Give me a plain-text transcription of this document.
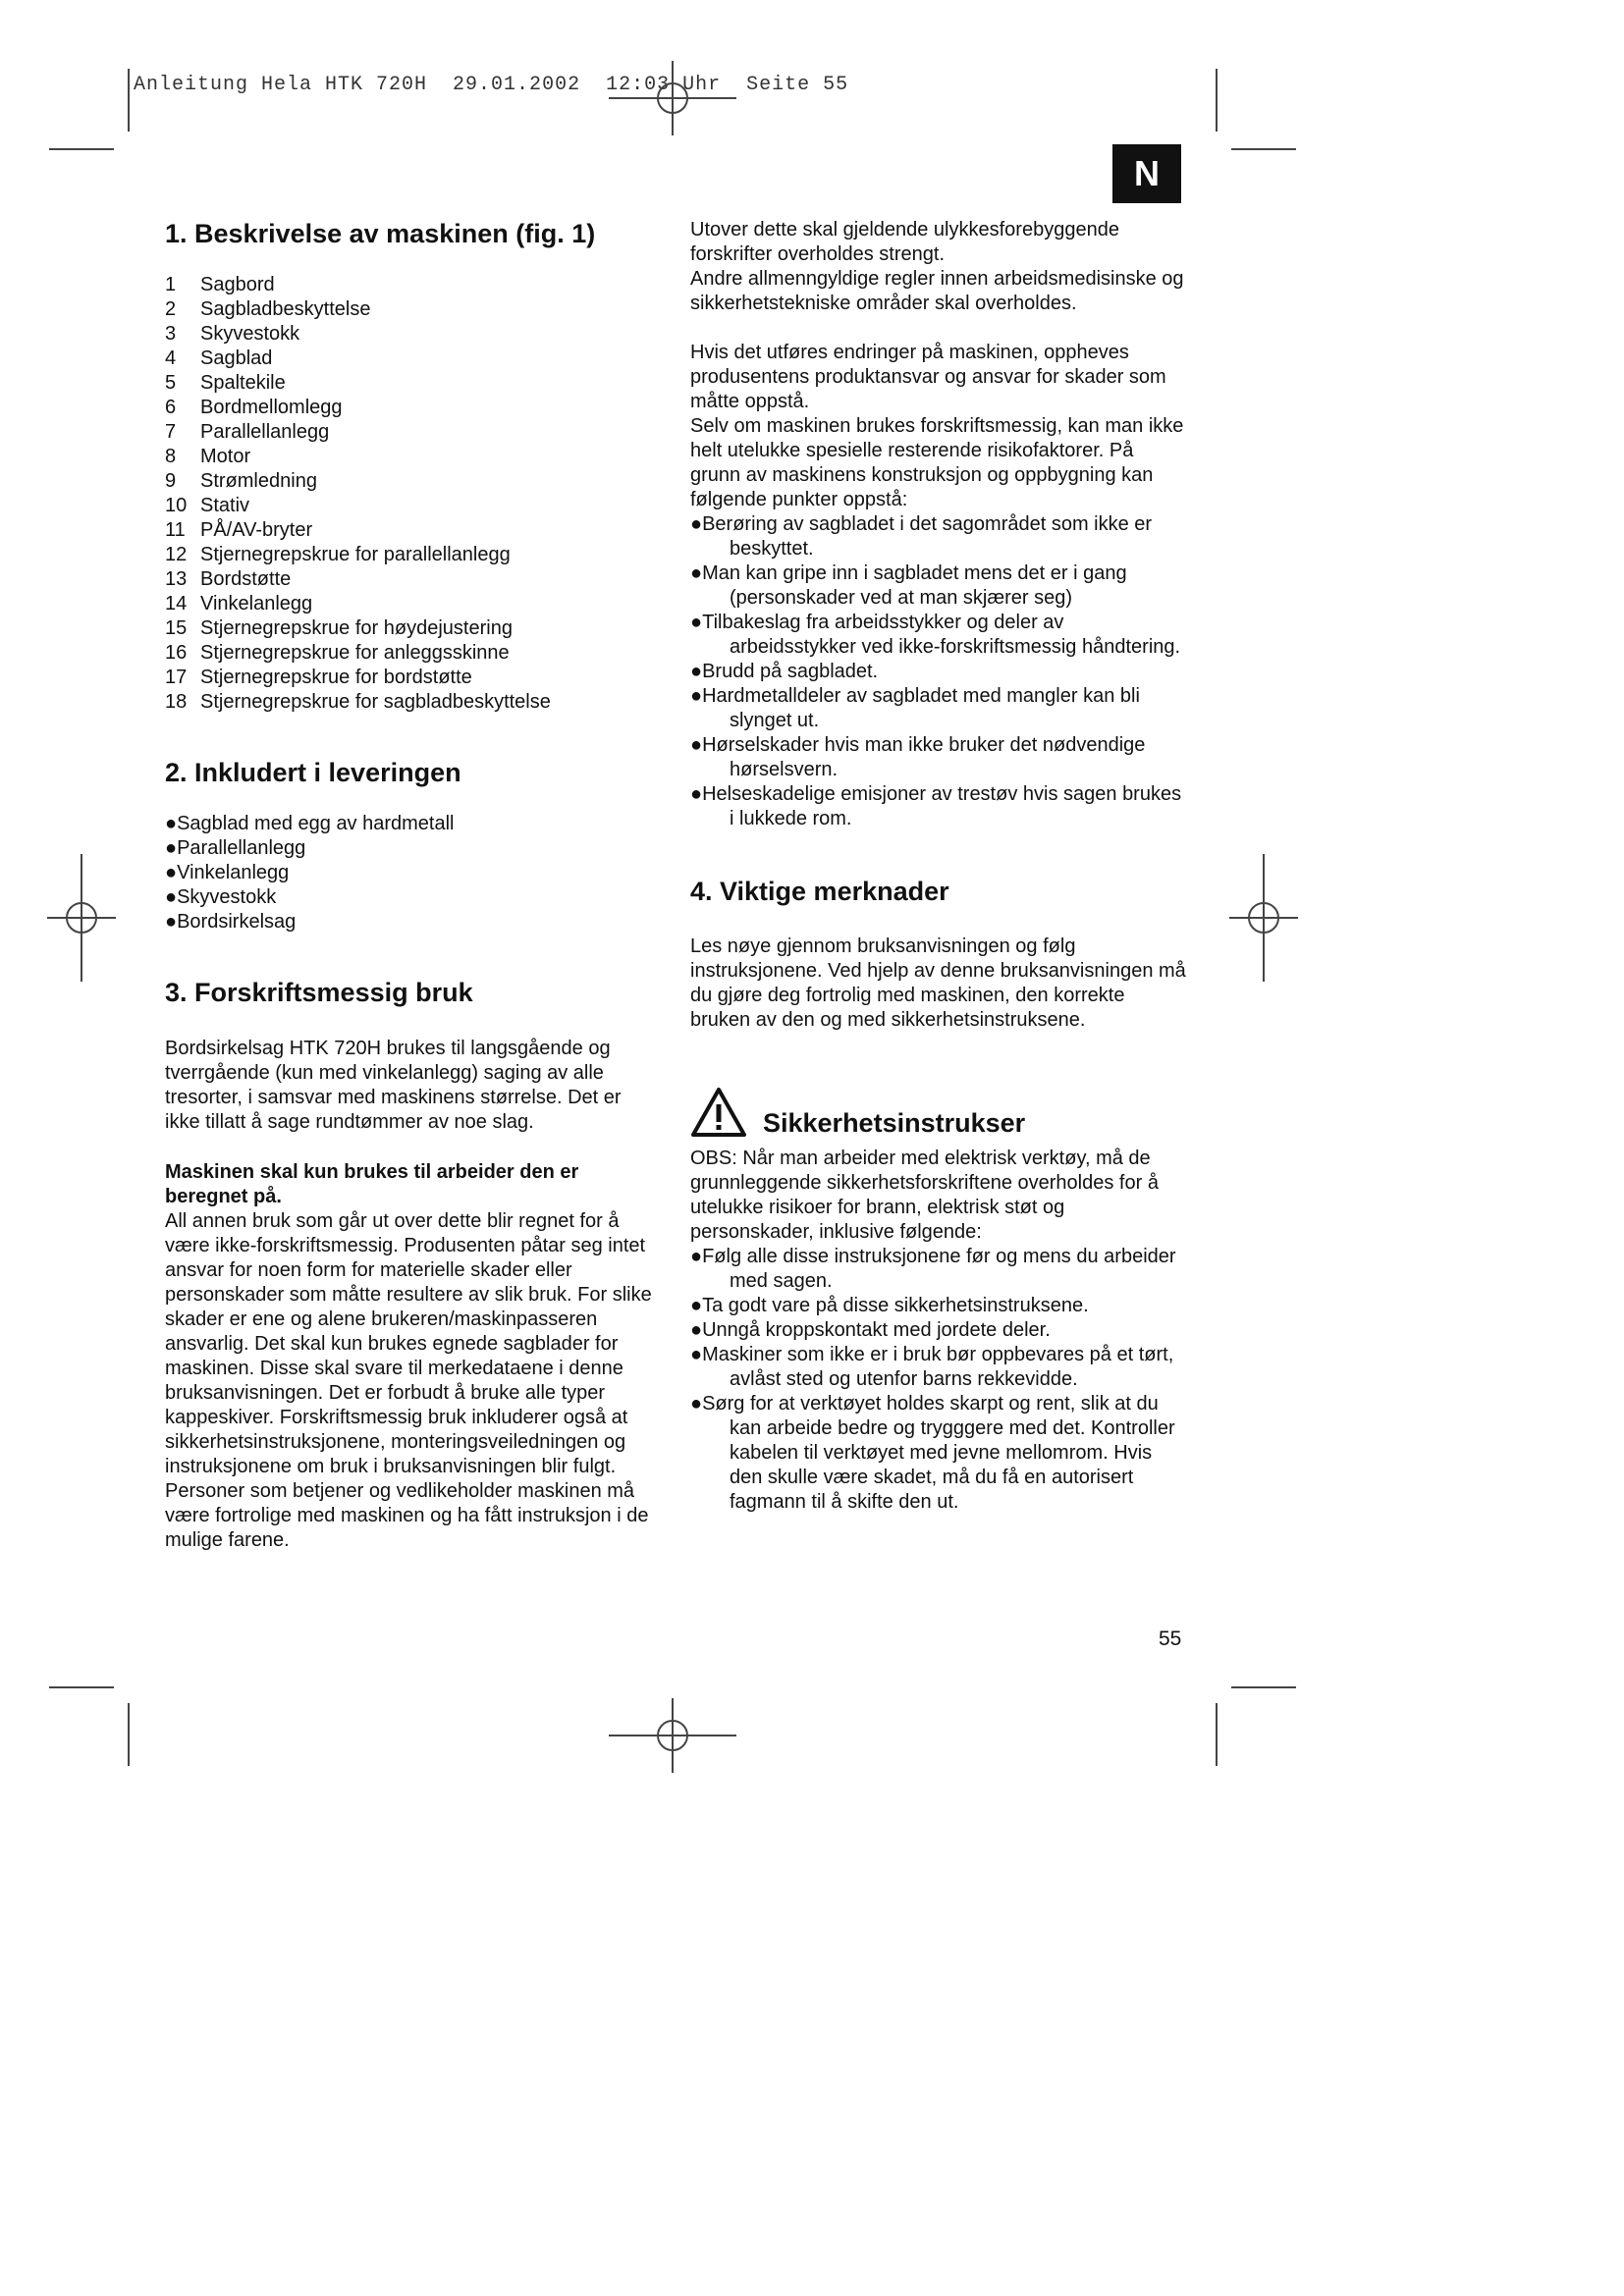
Anleitung Hela HTK 720H  29.01.2002  12:03 Uhr  Seite 55
N
1. Beskrivelse av maskinen (fig. 1)
1	Sagbord
2	Sagbladbeskyttelse
3	Skyvestokk
4	Sagblad
5	Spaltekile
6	Bordmellomlegg
7	Parallellanlegg
8	Motor
9	Strømledning
10 Stativ
11 PÅ/AV-bryter
12 Stjernegrepskrue for parallellanlegg
13 Bordstøtte
14 Vinkelanlegg
15 Stjernegrepskrue for høydejustering
16 Stjernegrepskrue for anleggsskinne
17 Stjernegrepskrue for bordstøtte
18 Stjernegrepskrue for sagbladbeskyttelse
2. Inkludert i leveringen
● Sagblad med egg av hardmetall
● Parallellanlegg
● Vinkelanlegg
● Skyvestokk
● Bordsirkelsag
3. Forskriftsmessig bruk

Bordsirkelsag HTK 720H brukes til langsgående og tverrgående (kun med vinkelanlegg) saging av alle tresorter, i samsvar med maskinens størrelse. Det er ikke tillatt å sage rundtømmer av noe slag.

Maskinen skal kun brukes til arbeider den er beregnet på.

All annen bruk som går ut over dette blir regnet for å være ikke-forskriftsmessig. Produsenten påtar seg intet ansvar for noen form for materielle skader eller personskader som måtte resultere av slik bruk. For slike skader er ene og alene brukeren/maskinpasseren ansvarlig. Det skal kun brukes egnede sagblader for maskinen. Disse skal svare til merkedataene i denne bruksanvisningen. Det er forbudt å bruke alle typer kappeskiver. Forskriftsmessig bruk inkluderer også at sikkerhetsinstruksjonene, monteringsveiledningen og instruksjonene om bruk i bruksanvisningen blir fulgt. Personer som betjener og vedlikeholder maskinen må være fortrolige med maskinen og ha fått instruksjon i de mulige farene.

Utover dette skal gjeldende ulykkesforebyggende forskrifter overholdes strengt.

Andre allmenngyldige regler innen arbeidsmedisinske og sikkerhetstekniske områder skal overholdes.

Hvis det utføres endringer på maskinen, oppheves produsentens produktansvar og ansvar for skader som måtte oppstå.

Selv om maskinen brukes forskriftsmessig, kan man ikke helt utelukke spesielle resterende risikofaktorer. På grunn av maskinens konstruksjon og oppbygning kan følgende punkter oppstå:

● Berøring av sagbladet i det sagområdet som ikke er beskyttet.
● Man kan gripe inn i sagbladet mens det er i gang (personskader ved at man skjærer seg)
● Tilbakeslag fra arbeidsstykker og deler av arbeidsstykker ved ikke-forskriftsmessig håndtering.
● Brudd på sagbladet.
● Hardmetalldeler av sagbladet med mangler kan bli slynget ut.
● Hørselskader hvis man ikke bruker det nødvendige hørselsvern.
● Helseskadelige emisjoner av trestøv hvis sagen brukes i lukkede rom.
4. Viktige merknader

Les nøye gjennom bruksanvisningen og følg instruksjonene. Ved hjelp av denne bruksanvisningen må du gjøre deg fortrolig med maskinen, den korrekte bruken av den og med sikkerhetsinstruksene.

Sikkerhetsinstrukser

OBS: Når man arbeider med elektrisk verktøy, må de grunnleggende sikkerhetsforskriftene overholdes for å utelukke risikoer for brann, elektrisk støt og personskader, inklusive følgende:

● Følg alle disse instruksjonene før og mens du arbeider med sagen.
● Ta godt vare på disse sikkerhetsinstruksene.
● Unngå kroppskontakt med jordete deler.
● Maskiner som ikke er i bruk bør oppbevares på et tørt, avlåst sted og utenfor barns rekkevidde.
● Sørg for at verktøyet holdes skarpt og rent, slik at du kan arbeide bedre og trygggere med det. Kontroller kabelen til verktøyet med jevne mellomrom. Hvis den skulle være skadet, må du få en autorisert fagmann til å skifte den ut.
55
